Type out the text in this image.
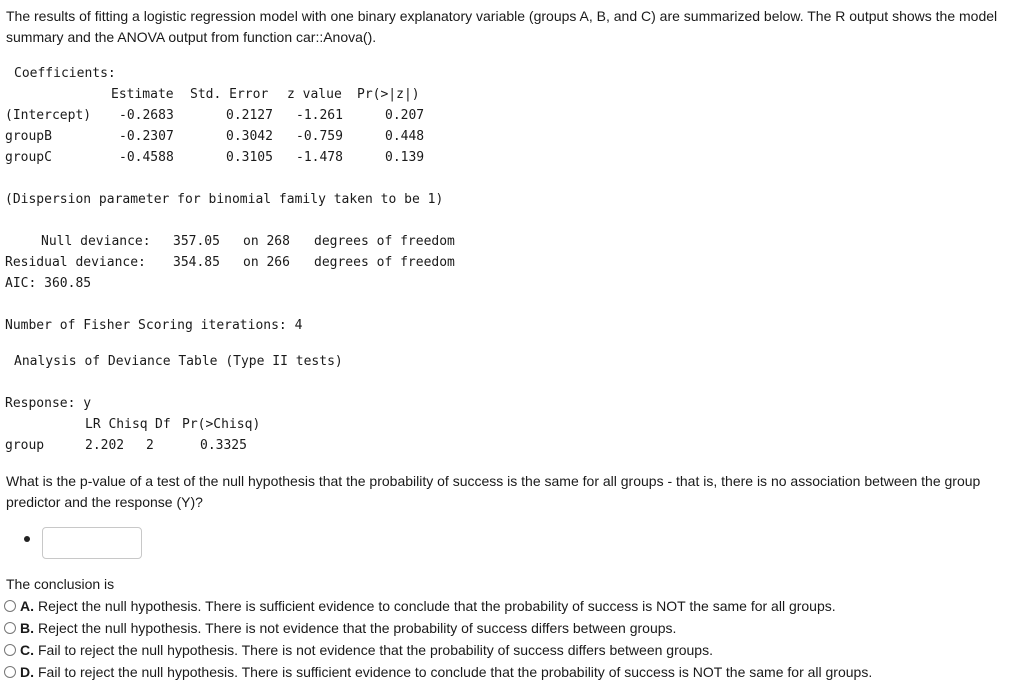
The results of fitting a logistic regression model with one binary explanatory variable (groups A, B, and C) are summarized below. The R output shows the model summary and the ANOVA output from function car::Anova().

Coefficients:
Estimate Std. Error z value Pr(>|z|)
(Intercept) -0.2683	0.2127 -1.261	0.207
groupB	-0.2307	0.3042 -0.759	0.448
groupC	-0.4588	0.3105 -1.478	0.139
(Dispersion parameter for binomial family taken to be 1)
Null deviance: 357.05 on 268 degrees of freedom
Residual deviance: 354.85 on 266 degrees of freedom
AIC: 360.85
Number of Fisher Scoring iterations: 4
Analysis of Deviance Table (Type II tests)
Response: y
LR Chisq Df Pr(>Chisq)
group	2.202 2	0.3325

What is the p-value of a test of the null hypothesis that the probability of success is the same for all groups - that is, there is no association between the group predictor and the response (Y)?

The conclusion is
A. Reject the null hypothesis. There is sufficient evidence to conclude that the probability of success is NOT the same for all groups.
B. Reject the null hypothesis. There is not evidence that the probability of success differs between groups.
C. Fail to reject the null hypothesis. There is not evidence that the probability of success differs between groups.
D. Fail to reject the null hypothesis. There is sufficient evidence to conclude that the probability of success is NOT the same for all groups.
